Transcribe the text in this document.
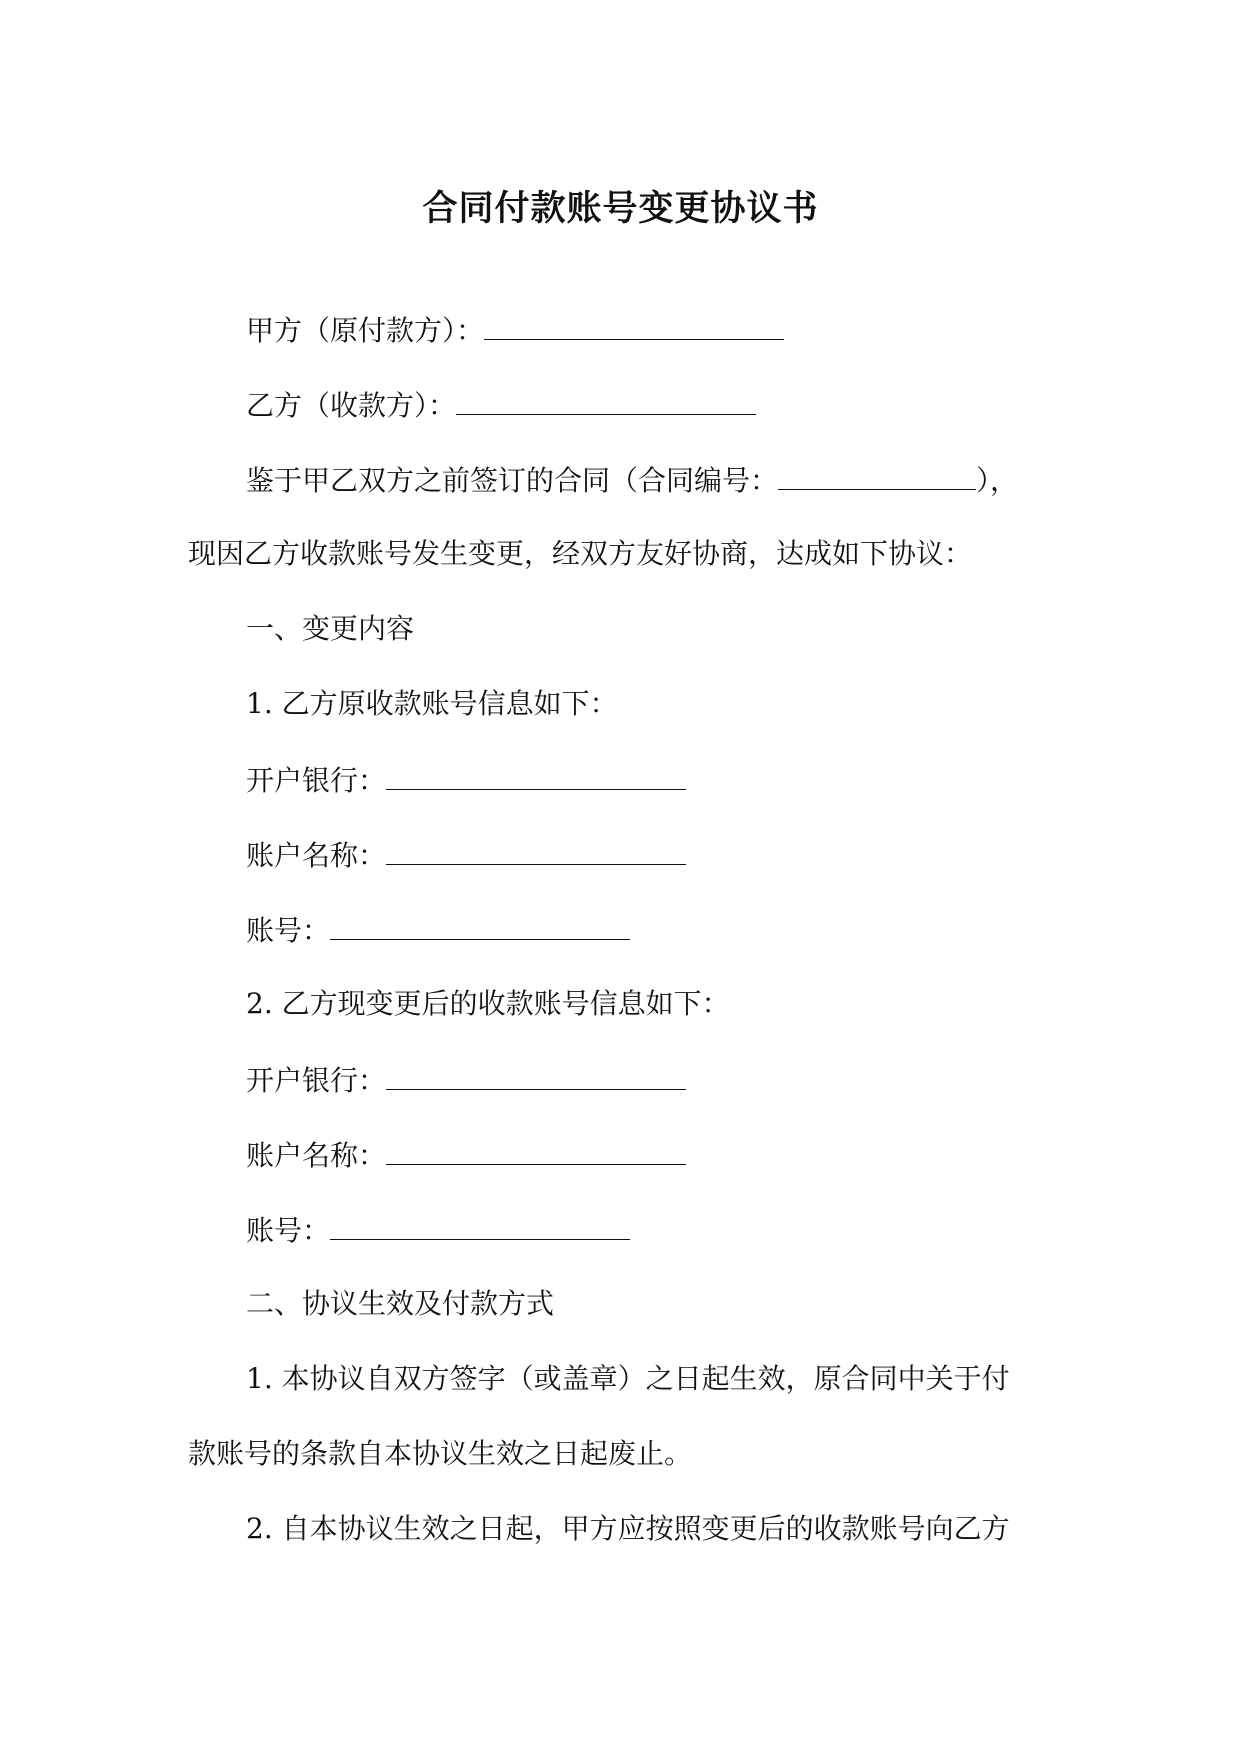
合同付款账号变更协议书
甲方（原付款方）：
乙方（收款方）：
鉴于甲乙双方之前签订的合同（合同编号：	），
现因乙方收款账号发生变更，经双方友好协商，达成如下协议：
一、变更内容
1. 乙方原收款账号信息如下：
开户银行：
账户名称：
账号：
2. 乙方现变更后的收款账号信息如下：
开户银行：
账户名称：
账号：
二、协议生效及付款方式
1. 本协议自双方签字（或盖章）之日起生效，原合同中关于付
款账号的条款自本协议生效之日起废止。
2. 自本协议生效之日起，甲方应按照变更后的收款账号向乙方
